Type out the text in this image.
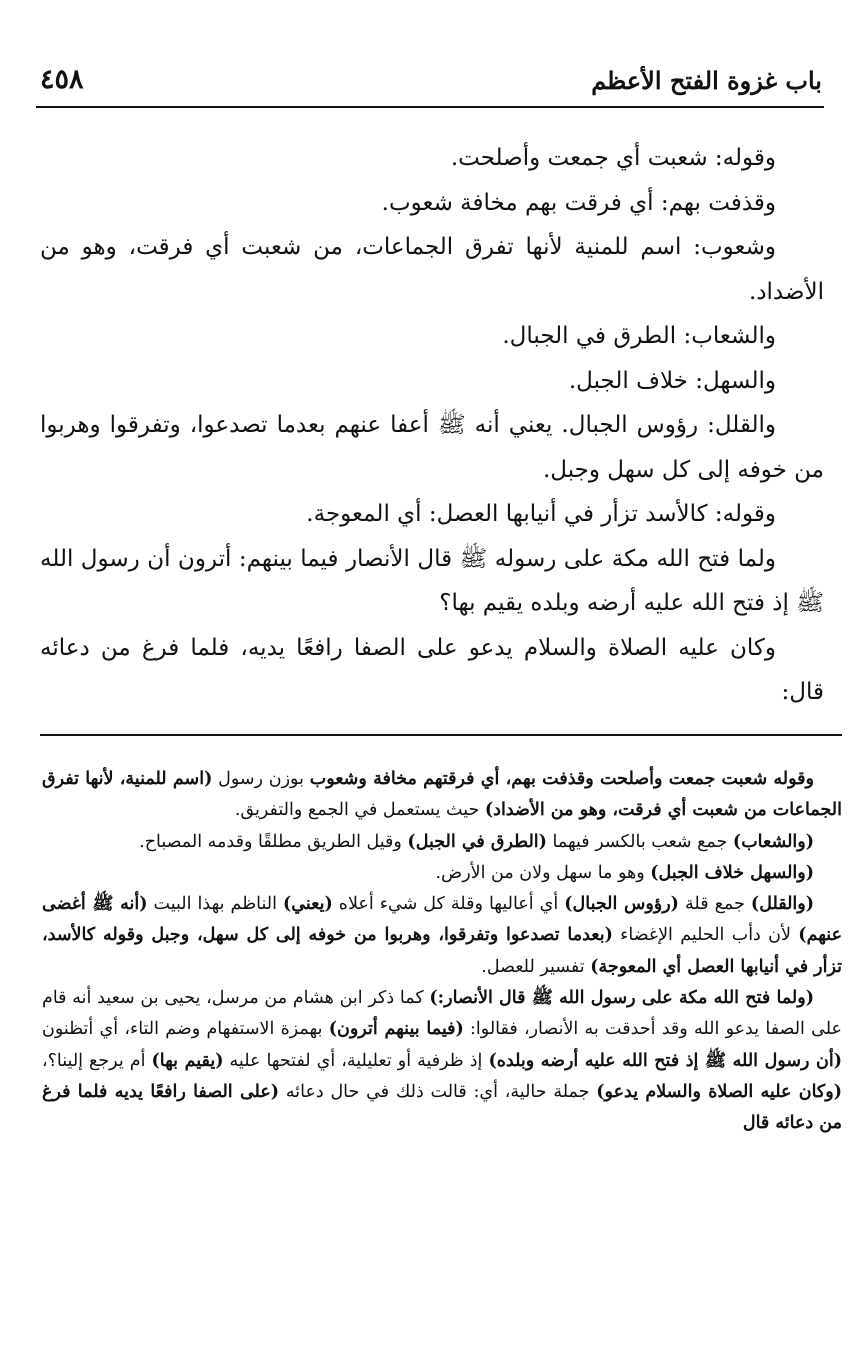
٤٥٨	باب غزوة الفتح الأعظم

وقوله: شعبت أي جمعت وأصلحت.

وقذفت بهم: أي فرقت بهم مخافة شعوب.

وشعوب: اسم للمنية لأنها تفرق الجماعات، من شعبت أي فرقت، وهو من الأضداد.

والشعاب: الطرق في الجبال.

والسهل: خلاف الجبل.

والقلل: رؤوس الجبال. يعني أنه ﷺ أعفا عنهم بعدما تصدعوا، وتفرقوا وهربوا من خوفه إلى كل سهل وجبل.

وقوله: كالأسد تزأر في أنيابها العصل: أي المعوجة.

ولما فتح الله مكة على رسوله ﷺ قال الأنصار فيما بينهم: أترون أن رسول الله ﷺ إذ فتح الله عليه أرضه وبلده يقيم بها؟

وكان عليه الصلاة والسلام يدعو على الصفا رافعًا يديه، فلما فرغ من دعائه قال:

وقوله شعبت جمعت وأصلحت وقذفت بهم، أي فرقتهم مخافة وشعوب بوزن رسول (اسم للمنية، لأنها تفرق الجماعات من شعبت أي فرقت، وهو من الأضداد) حيث يستعمل في الجمع والتفريق.

(والشعاب) جمع شعب بالكسر فيهما (الطرق في الجبل) وقيل الطريق مطلقًا وقدمه المصباح.

(والسهل خلاف الجبل) وهو ما سهل ولان من الأرض.

(والقلل) جمع قلة (رؤوس الجبال) أي أعاليها وقلة كل شيء أعلاه (يعني) الناظم بهذا البيت (أنه ﷺ أغضى عنهم) لأن دأب الحليم الإغضاء (بعدما تصدعوا وتفرقوا، وهربوا من خوفه إلى كل سهل، وجبل وقوله كالأسد، تزأر في أنيابها العصل أي المعوجة) تفسير للعصل.

(ولما فتح الله مكة على رسول الله ﷺ قال الأنصار:) كما ذكر ابن هشام من مرسل، يحيى بن سعيد أنه قام على الصفا يدعو الله وقد أحدقت به الأنصار، فقالوا: (فيما بينهم أترون) بهمزة الاستفهام وضم التاء، أي أتظنون (أن رسول الله ﷺ إذ فتح الله عليه أرضه وبلده) إذ ظرفية أو تعليلية، أي لفتحها عليه (يقيم بها) أم يرجع إلينا؟، (وكان عليه الصلاة والسلام يدعو) جملة حالية، أي: قالت ذلك في حال دعائه (على الصفا رافعًا يديه فلما فرغ من دعائه قال
